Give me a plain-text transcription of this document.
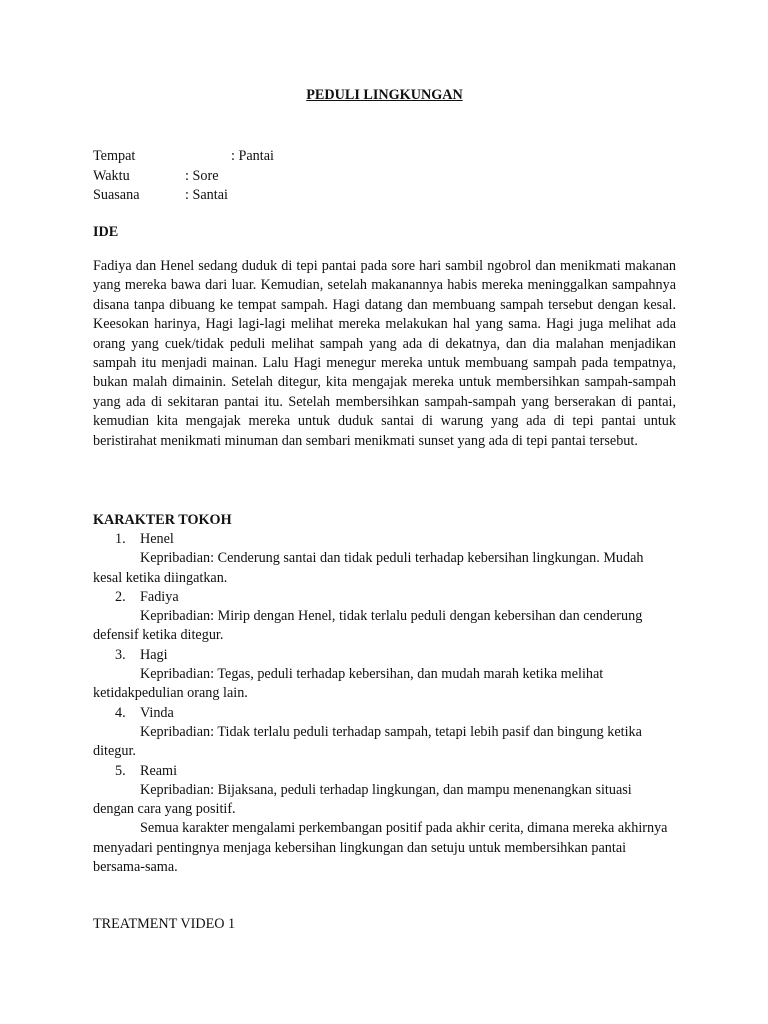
PEDULI LINGKUNGAN
Tempat	: Pantai
Waktu	: Sore
Suasana	: Santai
IDE

Fadiya dan Henel sedang duduk di tepi pantai pada sore hari sambil ngobrol dan menikmati makanan yang mereka bawa dari luar. Kemudian, setelah makanannya habis mereka meninggalkan sampahnya disana tanpa dibuang ke tempat sampah. Hagi datang dan membuang sampah tersebut dengan kesal. Keesokan harinya, Hagi lagi-lagi melihat mereka melakukan hal yang sama. Hagi juga melihat ada orang yang cuek/tidak peduli melihat sampah yang ada di dekatnya, dan dia malahan menjadikan sampah itu menjadi mainan. Lalu Hagi menegur mereka untuk membuang sampah pada tempatnya, bukan malah dimainin. Setelah ditegur, kita mengajak mereka untuk membersihkan sampah-sampah yang ada di sekitaran pantai itu. Setelah membersihkan sampah-sampah yang berserakan di pantai, kemudian kita mengajak mereka untuk duduk santai di warung yang ada di tepi pantai untuk beristirahat menikmati minuman dan sembari menikmati sunset yang ada di tepi pantai tersebut.

KARAKTER TOKOH
1. Henel

Kepribadian: Cenderung santai dan tidak peduli terhadap kebersihan lingkungan. Mudah kesal ketika diingatkan.

2. Fadiya

Kepribadian: Mirip dengan Henel, tidak terlalu peduli dengan kebersihan dan cenderung defensif ketika ditegur.

3. Hagi

Kepribadian: Tegas, peduli terhadap kebersihan, dan mudah marah ketika melihat ketidakpedulian orang lain.

4. Vinda

Kepribadian: Tidak terlalu peduli terhadap sampah, tetapi lebih pasif dan bingung ketika ditegur.

5. Reami

Kepribadian: Bijaksana, peduli terhadap lingkungan, dan mampu menenangkan situasi dengan cara yang positif.

Semua karakter mengalami perkembangan positif pada akhir cerita, dimana mereka akhirnya menyadari pentingnya menjaga kebersihan lingkungan dan setuju untuk membersihkan pantai bersama-sama.

TREATMENT VIDEO 1
